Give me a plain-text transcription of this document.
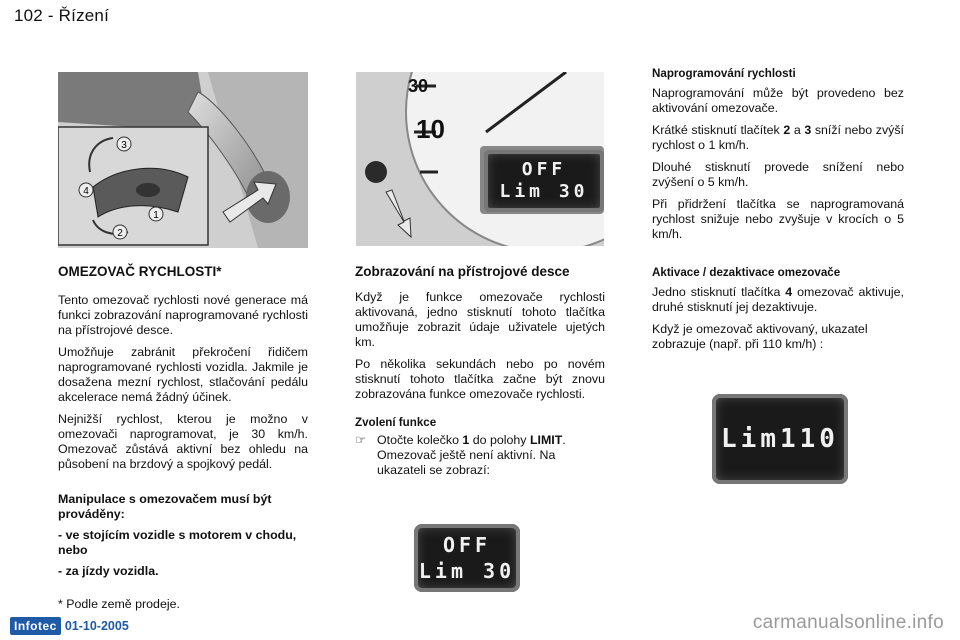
102 - Řízení
3
4
1
2
30
10
OFF
Lim 30

OMEZOVAČ RYCHLOSTI*

Tento omezovač rychlosti nové generace má funkci zobrazování naprogramované rychlosti na přístrojové desce.

Umožňuje zabránit překročení řidičem naprogramované rychlosti vozidla. Jakmile je dosažena mezní rychlost, stlačování pedálu akcelerace nemá žádný účinek.

Nejnižší rychlost, kterou je možno v omezovači naprogramovat, je 30 km/h. Omezovač zůstává aktivní bez ohledu na působení na brzdový a spojkový pedál.

Manipulace s omezovačem musí být prováděny:

- ve stojícím vozidle s motorem v chodu,

nebo

- za jízdy vozidla.

* Podle země prodeje.

Zobrazování na přístrojové desce

Když je funkce omezovače rychlosti aktivovaná, jedno stisknutí tohoto tlačítka umožňuje zobrazit údaje uživatele ujetých km.

Po několika sekundách nebo po novém stisknutí tohoto tlačítka začne být znovu zobrazována funkce omezovače rychlosti.

Zvolení funkce

☞ Otočte kolečko 1 do polohy LIMIT. Omezovač ještě není aktivní. Na ukazateli se zobrazí:

OFF
Lim 30

Naprogramování rychlosti

Naprogramování může být provedeno bez aktivování omezovače.

Krátké stisknutí tlačítek 2 a 3 sníží nebo zvýší rychlost o 1 km/h.

Dlouhé stisknutí provede snížení nebo zvýšení o 5 km/h.

Při přidržení tlačítka se naprogramovaná rychlost snižuje nebo zvyšuje v krocích o 5 km/h.

Aktivace / dezaktivace omezovače

Jedno stisknutí tlačítka 4 omezovač aktivuje, druhé stisknutí jej dezaktivuje.

Když je omezovač aktivovaný, ukazatel zobrazuje (např. při 110 km/h) :

Lim110
Infotec 01-10-2005	carmanualsonline.info
